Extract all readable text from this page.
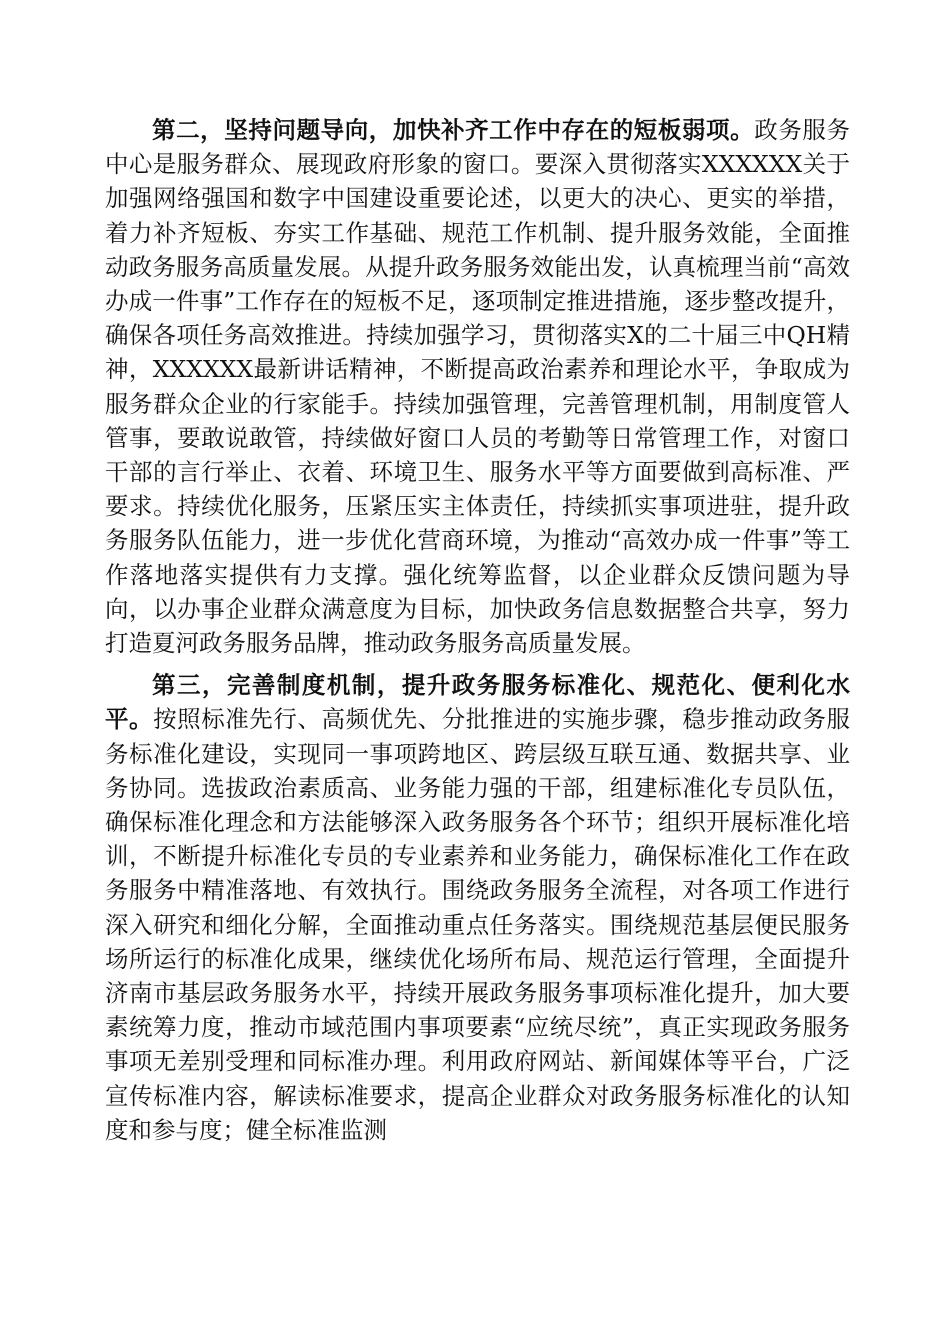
第二，坚持问题导向，加快补齐工作中存在的短板弱项。政务服务中心是服务群众、展现政府形象的窗口。要深入贯彻落实XXXXXX关于加强网络强国和数字中国建设重要论述，以更大的决心、更实的举措，着力补齐短板、夯实工作基础、规范工作机制、提升服务效能，全面推动政务服务高质量发展。从提升政务服务效能出发，认真梳理当前“高效办成一件事”工作存在的短板不足，逐项制定推进措施，逐步整改提升，确保各项任务高效推进。持续加强学习，贯彻落实X的二十届三中QH精神，XXXXXX最新讲话精神，不断提高政治素养和理论水平，争取成为服务群众企业的行家能手。持续加强管理，完善管理机制，用制度管人管事，要敢说敢管，持续做好窗口人员的考勤等日常管理工作，对窗口干部的言行举止、衣着、环境卫生、服务水平等方面要做到高标准、严要求。持续优化服务，压紧压实主体责任，持续抓实事项进驻，提升政务服务队伍能力，进一步优化营商环境，为推动“高效办成一件事”等工作落地落实提供有力支撑。强化统筹监督，以企业群众反馈问题为导向，以办事企业群众满意度为目标，加快政务信息数据整合共享，努力打造夏河政务服务品牌，推动政务服务高质量发展。

第三，完善制度机制，提升政务服务标准化、规范化、便利化水平。按照标准先行、高频优先、分批推进的实施步骤，稳步推动政务服务标准化建设，实现同一事项跨地区、跨层级互联互通、数据共享、业务协同。选拔政治素质高、业务能力强的干部，组建标准化专员队伍，确保标准化理念和方法能够深入政务服务各个环节；组织开展标准化培训，不断提升标准化专员的专业素养和业务能力，确保标准化工作在政务服务中精准落地、有效执行。围绕政务服务全流程，对各项工作进行深入研究和细化分解，全面推动重点任务落实。围绕规范基层便民服务场所运行的标准化成果，继续优化场所布局、规范运行管理，全面提升济南市基层政务服务水平，持续开展政务服务事项标准化提升，加大要素统筹力度，推动市域范围内事项要素“应统尽统”，真正实现政务服务事项无差别受理和同标准办理。利用政府网站、新闻媒体等平台，广泛宣传标准内容，解读标准要求，提高企业群众对政务服务标准化的认知度和参与度；健全标准监测
